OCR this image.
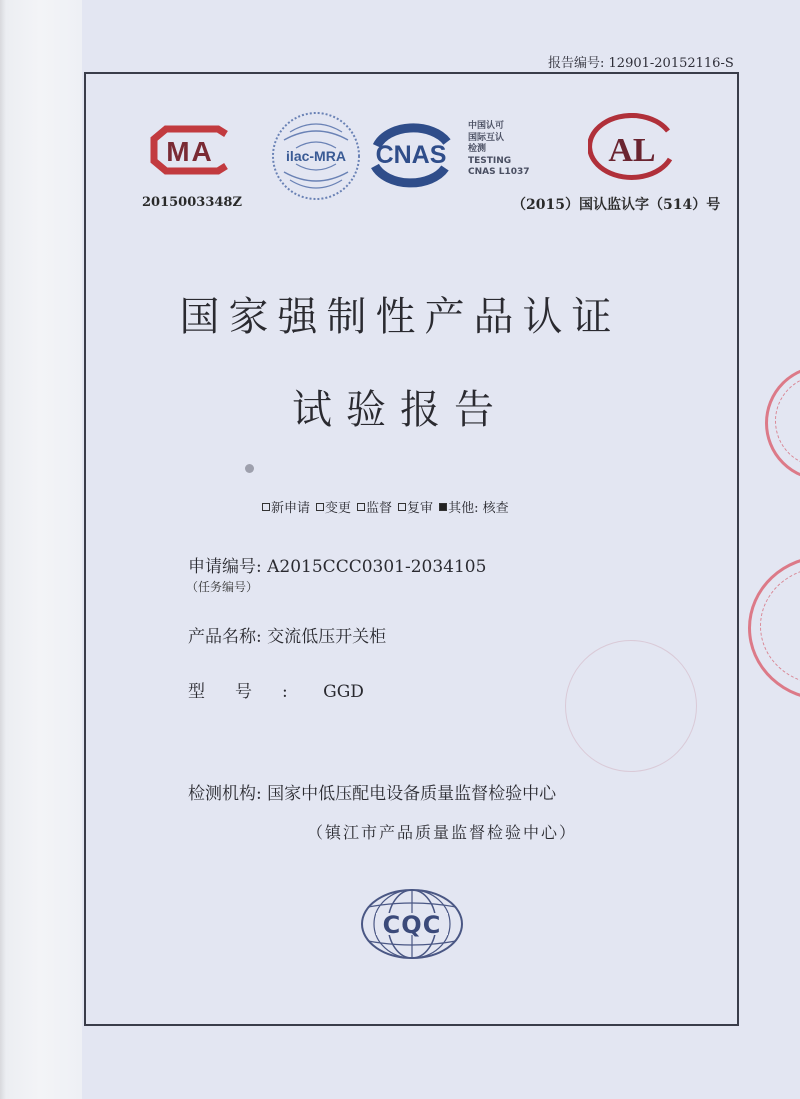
报告编号: 12901-20152116-S
MA
2015003348Z
ilac-MRA CNAS
中国认可
国际互认
检测
TESTING
CNAS L1037
AL
（2015）国认监认字（514）号
国家强制性产品认证
试验报告
新申请 变更 监督 复审 其他: 核查
申请编号: A2015CCC0301-2034105
（任务编号）
产品名称: 交流低压开关柜
型号: GGD
检测机构: 国家中低压配电设备质量监督检验中心
（镇江市产品质量监督检验中心）
CQC
